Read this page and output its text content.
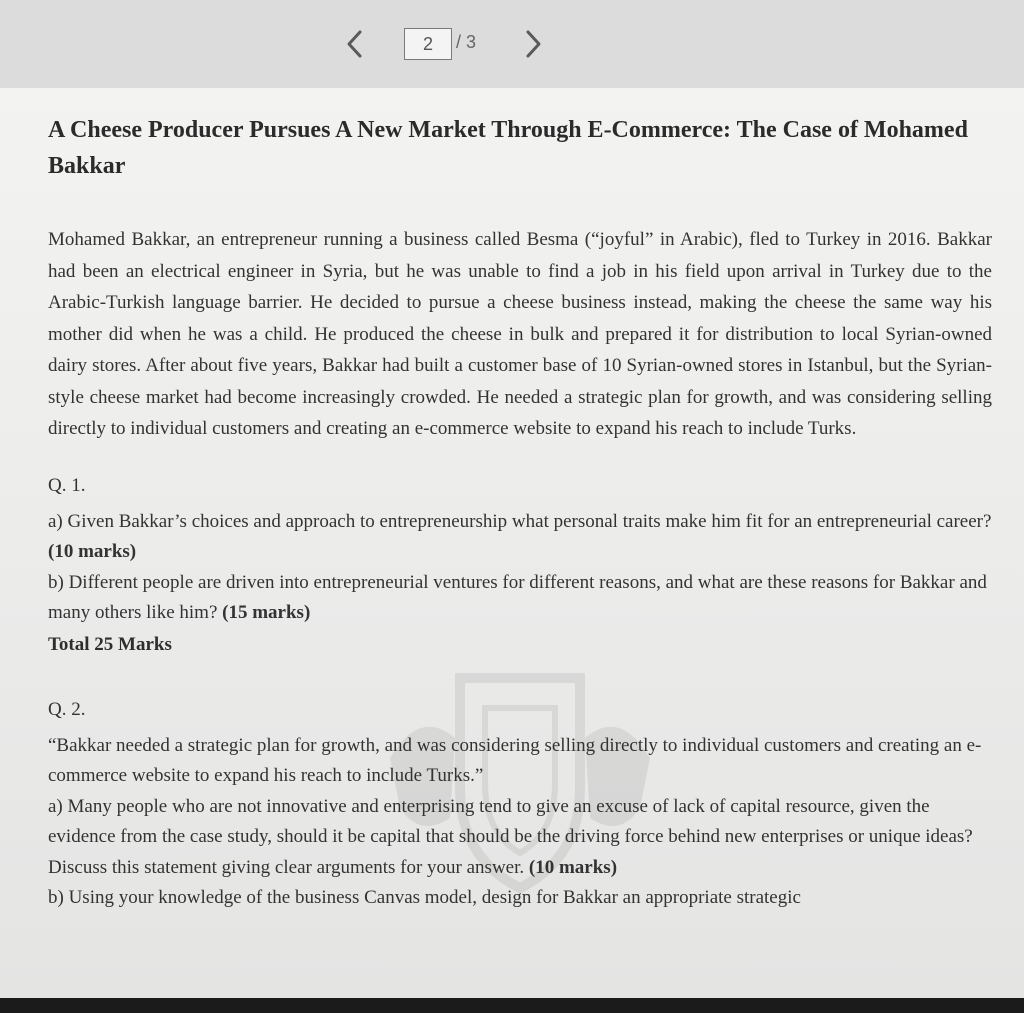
2
/ 3
A Cheese Producer Pursues A New Market Through E-Commerce: The Case of Mohamed Bakkar

Mohamed Bakkar, an entrepreneur running a business called Besma (“joyful” in Arabic), fled to Turkey in 2016. Bakkar had been an electrical engineer in Syria, but he was unable to find a job in his field upon arrival in Turkey due to the Arabic-Turkish language barrier. He decided to pursue a cheese business instead, making the cheese the same way his mother did when he was a child. He produced the cheese in bulk and prepared it for distribution to local Syrian-owned dairy stores. After about five years, Bakkar had built a customer base of 10 Syrian-owned stores in Istanbul, but the Syrian-style cheese market had become increasingly crowded. He needed a strategic plan for growth, and was considering selling directly to individual customers and creating an e-commerce website to expand his reach to include Turks.

Q. 1.

a) Given Bakkar’s choices and approach to entrepreneurship what personal traits make him fit for an entrepreneurial career? (10 marks)

b) Different people are driven into entrepreneurial ventures for different reasons, and what are these reasons for Bakkar and many others like him? (15 marks)

Total 25 Marks

Q. 2.

“Bakkar needed a strategic plan for growth, and was considering selling directly to individual customers and creating an e-commerce website to expand his reach to include Turks.”

a) Many people who are not innovative and enterprising tend to give an excuse of lack of capital resource, given the evidence from the case study, should it be capital that should be the driving force behind new enterprises or unique ideas? Discuss this statement giving clear arguments for your answer. (10 marks)

b) Using your knowledge of the business Canvas model, design for Bakkar an appropriate strategic
